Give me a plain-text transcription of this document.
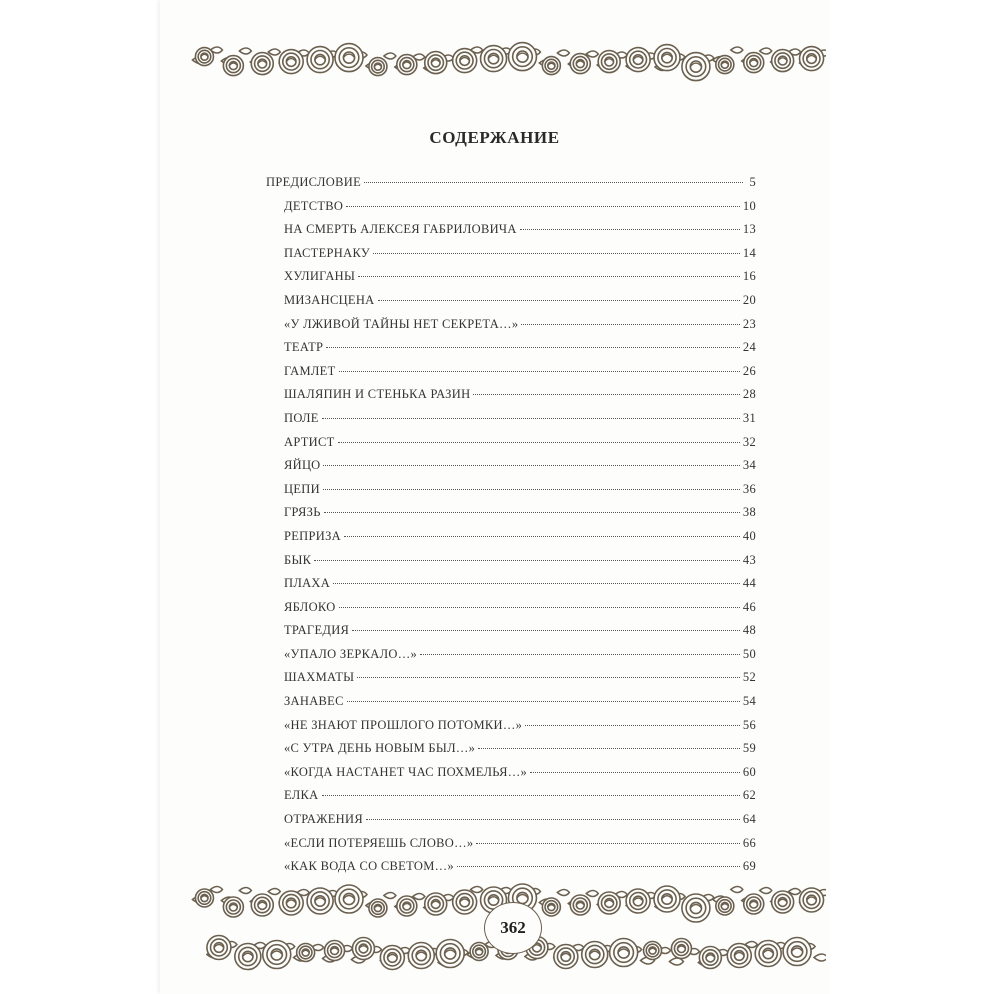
СОДЕРЖАНИЕ
ПРЕДИСЛОВИЕ	5
ДЕТСТВО	10
НА СМЕРТЬ АЛЕКСЕЯ ГАБРИЛОВИЧА	13
ПАСТЕРНАКУ	14
ХУЛИГАНЫ	16
МИЗАНСЦЕНА	20
«У ЛЖИВОЙ ТАЙНЫ НЕТ СЕКРЕТА…»	23
ТЕАТР	24
ГАМЛЕТ	26
ШАЛЯПИН И СТЕНЬКА РАЗИН	28
ПОЛЕ	31
АРТИСТ	32
ЯЙЦО	34
ЦЕПИ	36
ГРЯЗЬ	38
РЕПРИЗА	40
БЫК	43
ПЛАХА	44
ЯБЛОКО	46
ТРАГЕДИЯ	48
«УПАЛО ЗЕРКАЛО…»	50
ШАХМАТЫ	52
ЗАНАВЕС	54
«НЕ ЗНАЮТ ПРОШЛОГО ПОТОМКИ…»	56
«С УТРА ДЕНЬ НОВЫМ БЫЛ…»	59
«КОГДА НАСТАНЕТ ЧАС ПОХМЕЛЬЯ…»	60
ЕЛКА	62
ОТРАЖЕНИЯ	64
«ЕСЛИ ПОТЕРЯЕШЬ СЛОВО…»	66
«КАК ВОДА СО СВЕТОМ…»	69
362
